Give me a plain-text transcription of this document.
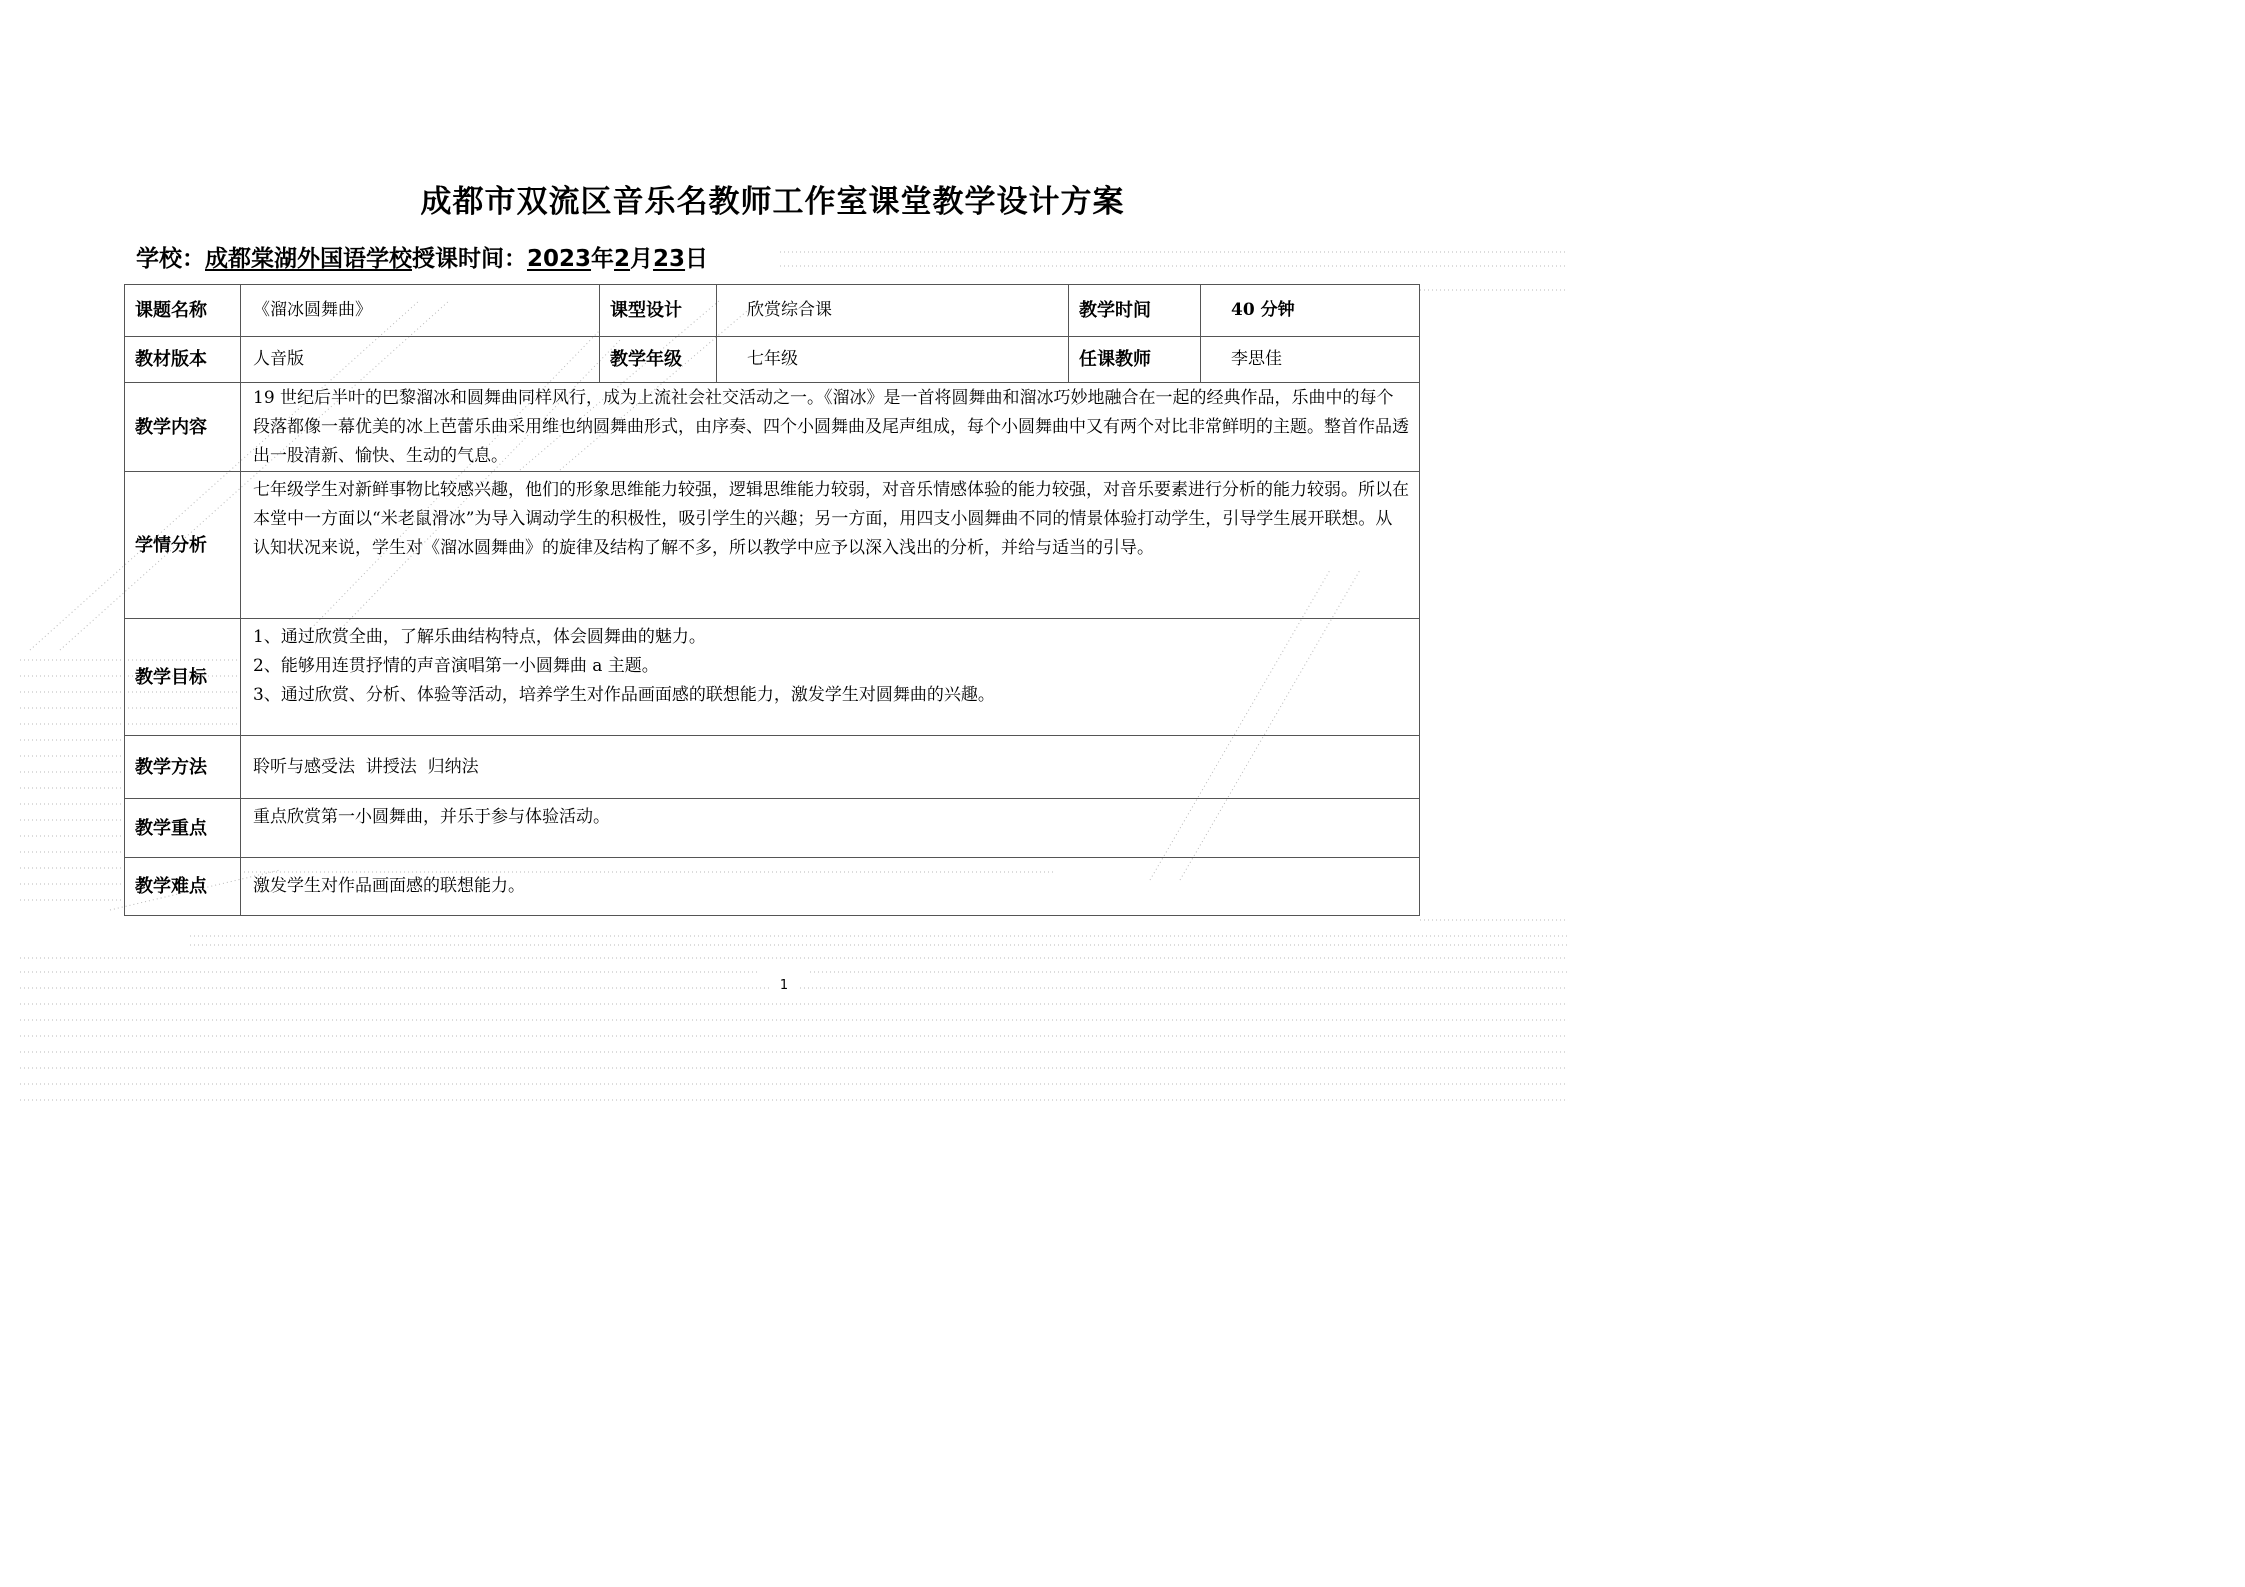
成都市双流区音乐名教师工作室课堂教学设计方案
学校：成都棠湖外国语学校授课时间：2023年2月23日
课题名称	《溜冰圆舞曲》	课型设计	欣赏综合课	教学时间	40 分钟
教材版本	人音版	教学年级	七年级	任课教师	李思佳
教学内容	19 世纪后半叶的巴黎溜冰和圆舞曲同样风行，成为上流社会社交活动之一。《溜冰》是一首将圆舞曲和溜冰巧妙地融合在一起的经典作品，乐曲中的每个段落都像一幕优美的冰上芭蕾乐曲采用维也纳圆舞曲形式，由序奏、四个小圆舞曲及尾声组成，每个小圆舞曲中又有两个对比非常鲜明的主题。整首作品透出一股清新、愉快、生动的气息。				
学情分析	七年级学生对新鲜事物比较感兴趣，他们的形象思维能力较强，逻辑思维能力较弱，对音乐情感体验的能力较强，对音乐要素进行分析的能力较弱。所以在本堂中一方面以“米老鼠滑冰”为导入调动学生的积极性，吸引学生的兴趣；另一方面，用四支小圆舞曲不同的情景体验打动学生，引导学生展开联想。从认知状况来说，学生对《溜冰圆舞曲》的旋律及结构了解不多，所以教学中应予以深入浅出的分析，并给与适当的引导。				
教学目标	1、通过欣赏全曲，了解乐曲结构特点，体会圆舞曲的魅力。
2、能够用连贯抒情的声音演唱第一小圆舞曲 a 主题。
3、通过欣赏、分析、体验等活动，培养学生对作品画面感的联想能力，激发学生对圆舞曲的兴趣。				

教学方法	聆听与感受法  讲授法  归纳法				
教学重点	重点欣赏第一小圆舞曲，并乐于参与体验活动。				
教学难点	激发学生对作品画面感的联想能力。				
1
